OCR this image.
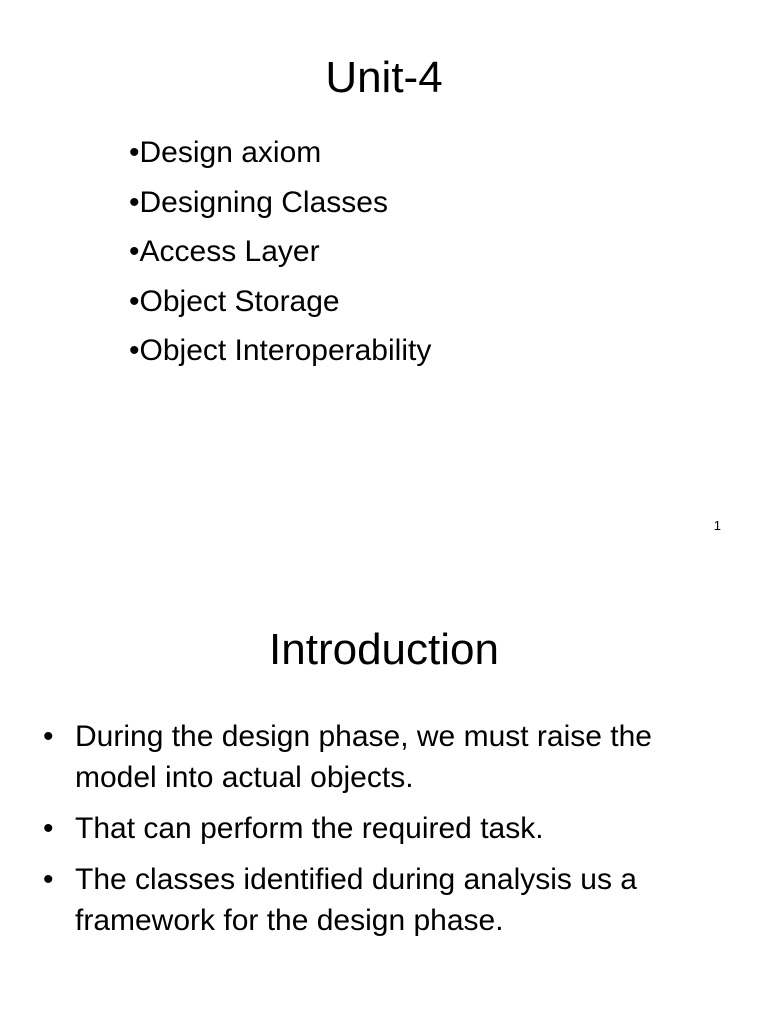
Unit-4
•Design axiom
•Designing Classes
•Access Layer
•Object Storage
•Object Interoperability
1
Introduction
• During the design phase, we must raise the model into actual objects.
• That can perform the required task.
• The classes identified during analysis us a framework for the design phase.
